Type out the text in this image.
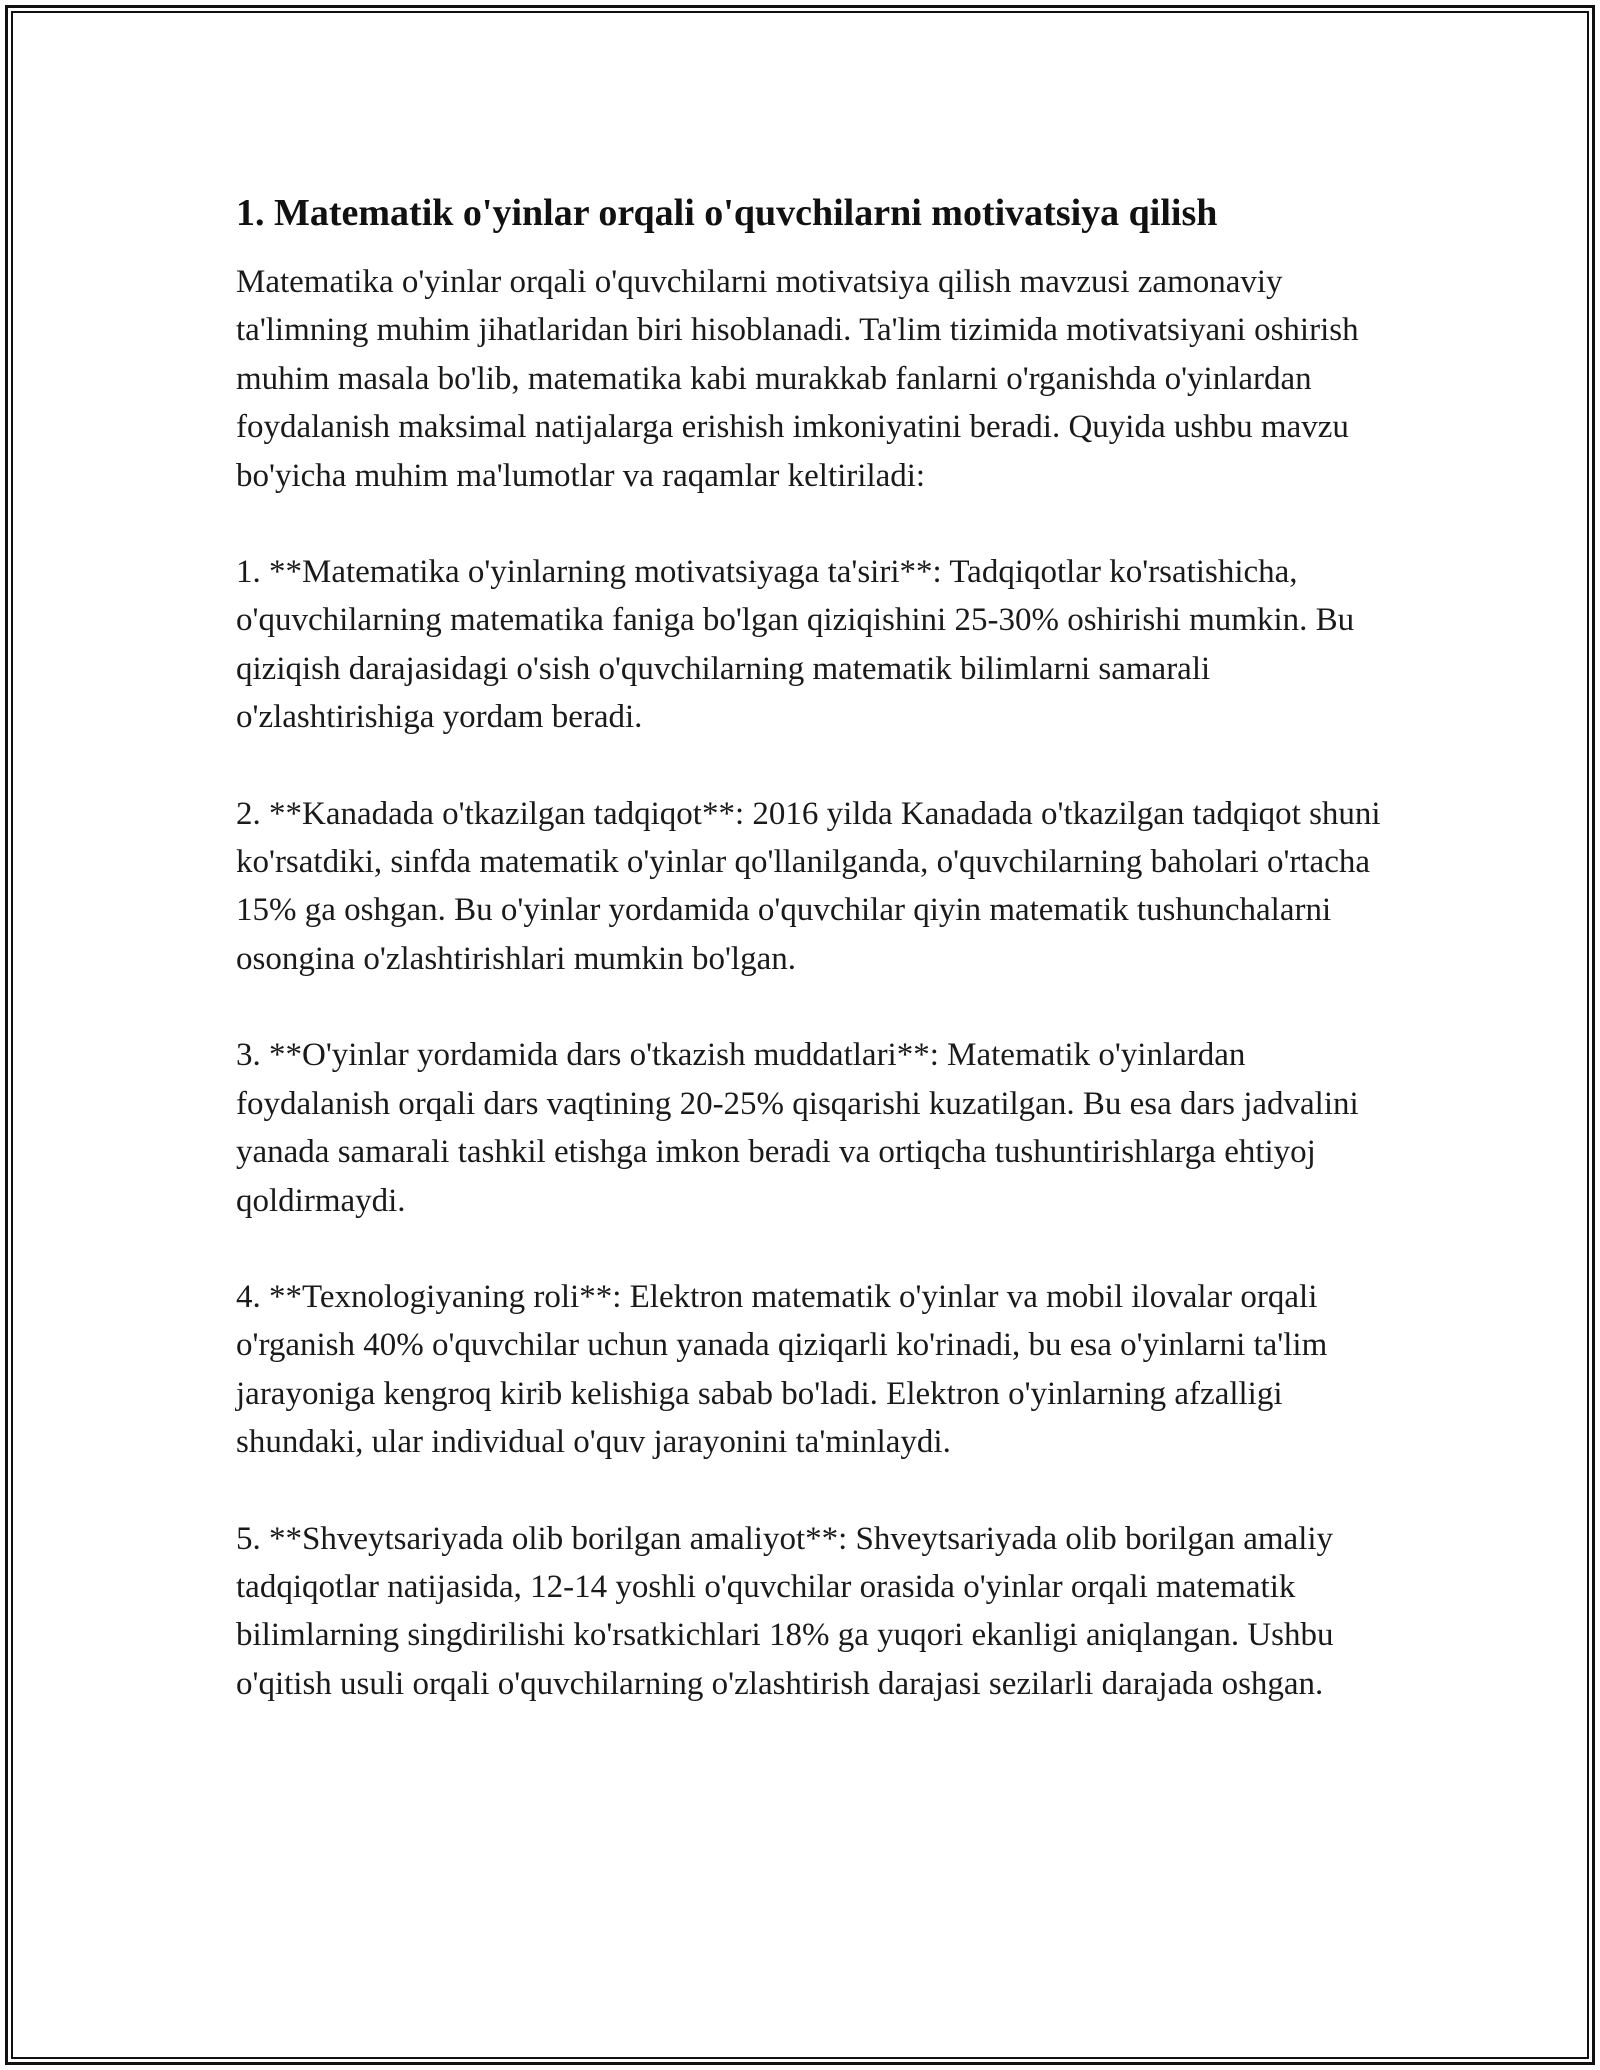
1. Matematik o'yinlar orqali o'quvchilarni motivatsiya qilish

Matematika o'yinlar orqali o'quvchilarni motivatsiya qilish mavzusi zamonaviy ta'limning muhim jihatlaridan biri hisoblanadi. Ta'lim tizimida motivatsiyani oshirish muhim masala bo'lib, matematika kabi murakkab fanlarni o'rganishda o'yinlardan foydalanish maksimal natijalarga erishish imkoniyatini beradi. Quyida ushbu mavzu bo'yicha muhim ma'lumotlar va raqamlar keltiriladi:

1. **Matematika o'yinlarning motivatsiyaga ta'siri**: Tadqiqotlar ko'rsatishicha, o'quvchilarning matematika faniga bo'lgan qiziqishini 25-30% oshirishi mumkin. Bu qiziqish darajasidagi o'sish o'quvchilarning matematik bilimlarni samarali o'zlashtirishiga yordam beradi.

2. **Kanadada o'tkazilgan tadqiqot**: 2016 yilda Kanadada o'tkazilgan tadqiqot shuni ko'rsatdiki, sinfda matematik o'yinlar qo'llanilganda, o'quvchilarning baholari o'rtacha 15% ga oshgan. Bu o'yinlar yordamida o'quvchilar qiyin matematik tushunchalarni osongina o'zlashtirishlari mumkin bo'lgan.

3. **O'yinlar yordamida dars o'tkazish muddatlari**: Matematik o'yinlardan foydalanish orqali dars vaqtining 20-25% qisqarishi kuzatilgan. Bu esa dars jadvalini yanada samarali tashkil etishga imkon beradi va ortiqcha tushuntirishlarga ehtiyoj qoldirmaydi.

4. **Texnologiyaning roli**: Elektron matematik o'yinlar va mobil ilovalar orqali o'rganish 40% o'quvchilar uchun yanada qiziqarli ko'rinadi, bu esa o'yinlarni ta'lim jarayoniga kengroq kirib kelishiga sabab bo'ladi. Elektron o'yinlarning afzalligi shundaki, ular individual o'quv jarayonini ta'minlaydi.

5. **Shveytsariyada olib borilgan amaliyot**: Shveytsariyada olib borilgan amaliy tadqiqotlar natijasida, 12-14 yoshli o'quvchilar orasida o'yinlar orqali matematik bilimlarning singdirilishi ko'rsatkichlari 18% ga yuqori ekanligi aniqlangan. Ushbu o'qitish usuli orqali o'quvchilarning o'zlashtirish darajasi sezilarli darajada oshgan.
